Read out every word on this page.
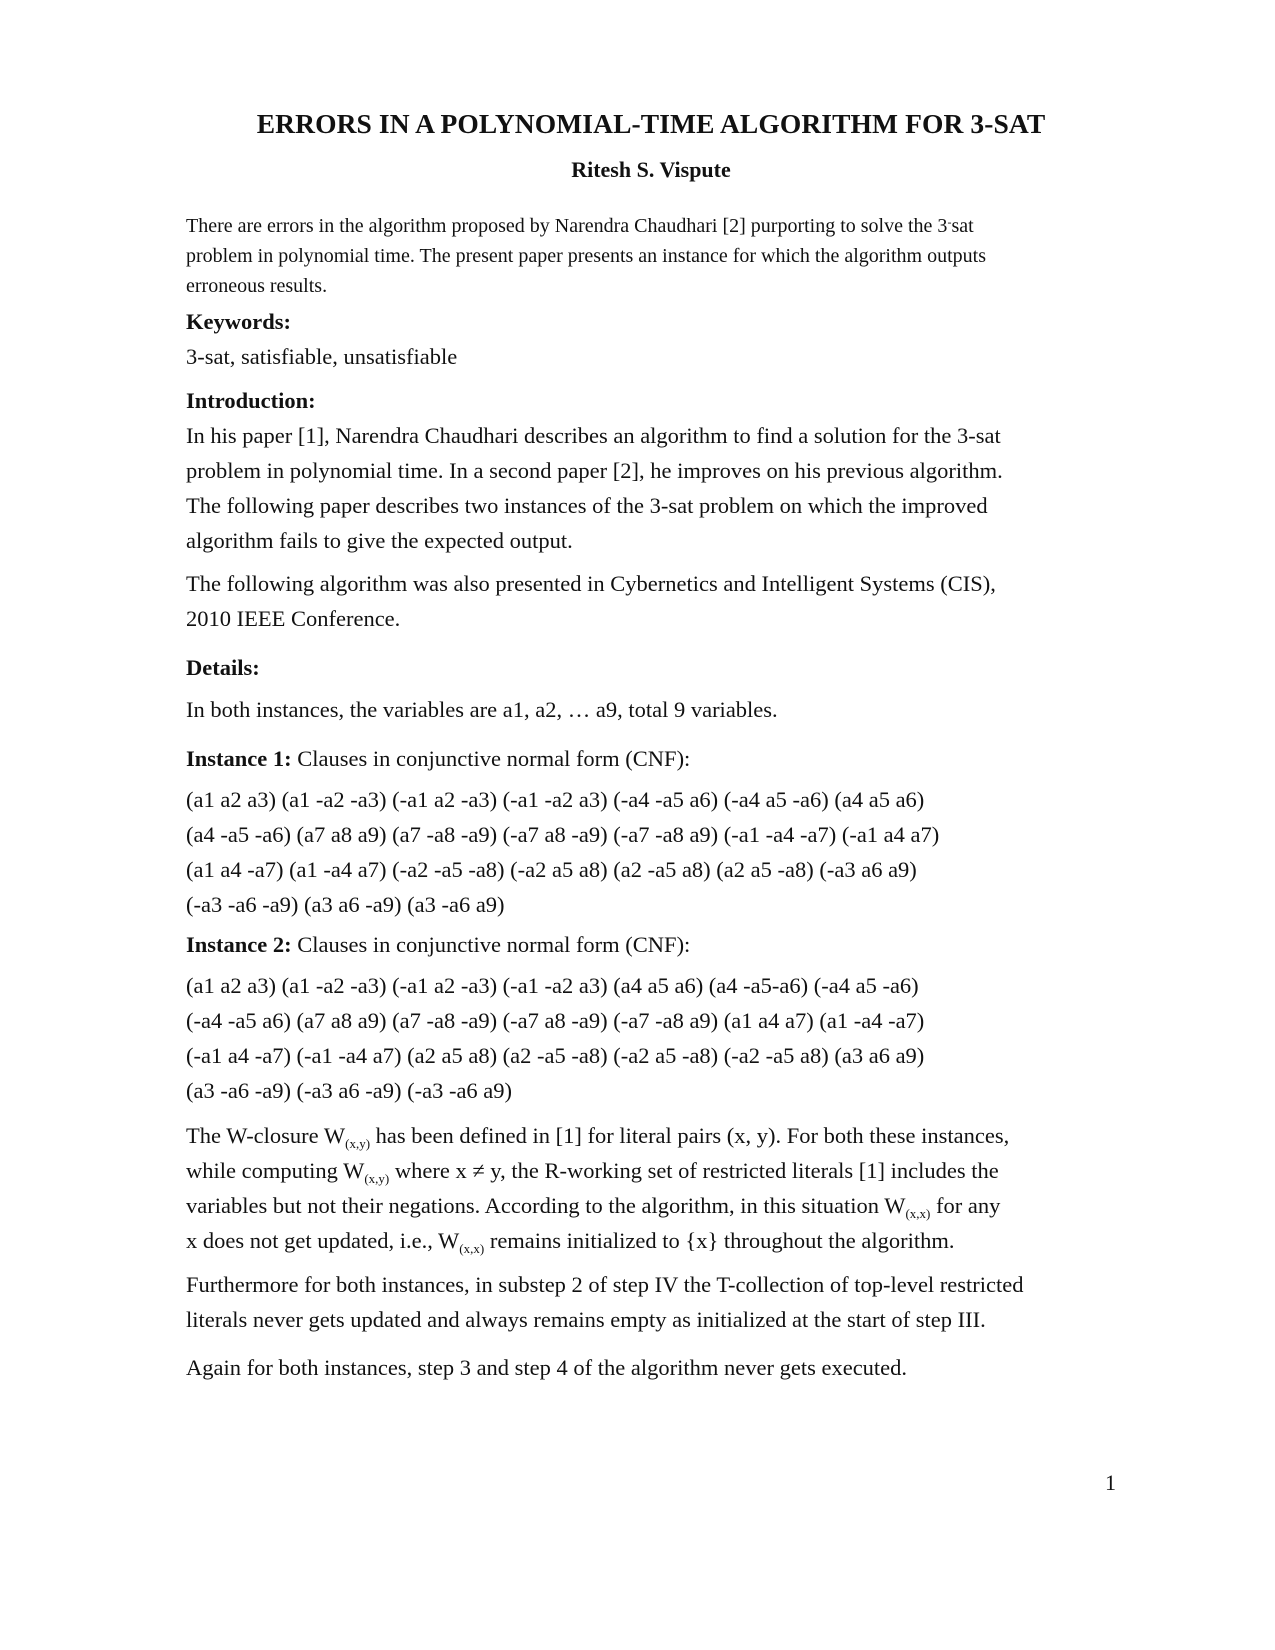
ERRORS IN A POLYNOMIAL-TIME ALGORITHM FOR 3-SAT
Ritesh S. Vispute
There are errors in the algorithm proposed by Narendra Chaudhari [2] purporting to solve the 3-sat
problem in polynomial time. The present paper presents an instance for which the algorithm outputs
erroneous results.
Keywords:
3-sat, satisfiable, unsatisfiable
Introduction:
In his paper [1], Narendra Chaudhari describes an algorithm to find a solution for the 3-sat
problem in polynomial time. In a second paper [2], he improves on his previous algorithm.
The following paper describes two instances of the 3-sat problem on which the improved
algorithm fails to give the expected output.
The following algorithm was also presented in Cybernetics and Intelligent Systems (CIS),
2010 IEEE Conference.
Details:
In both instances, the variables are a1, a2, … a9, total 9 variables.
Instance 1: Clauses in conjunctive normal form (CNF):
(a1 a2 a3) (a1 -a2 -a3) (-a1 a2 -a3) (-a1 -a2 a3) (-a4 -a5 a6) (-a4 a5 -a6) (a4 a5 a6)
(a4 -a5 -a6) (a7 a8 a9) (a7 -a8 -a9) (-a7 a8 -a9) (-a7 -a8 a9) (-a1 -a4 -a7) (-a1 a4 a7)
(a1 a4 -a7) (a1 -a4 a7) (-a2 -a5 -a8) (-a2 a5 a8) (a2 -a5 a8) (a2 a5 -a8) (-a3 a6 a9)
(-a3 -a6 -a9) (a3 a6 -a9) (a3 -a6 a9)
Instance 2: Clauses in conjunctive normal form (CNF):
(a1 a2 a3) (a1 -a2 -a3) (-a1 a2 -a3) (-a1 -a2 a3) (a4 a5 a6) (a4 -a5-a6) (-a4 a5 -a6)
(-a4 -a5 a6) (a7 a8 a9) (a7 -a8 -a9) (-a7 a8 -a9) (-a7 -a8 a9) (a1 a4 a7) (a1 -a4 -a7)
(-a1 a4 -a7) (-a1 -a4 a7) (a2 a5 a8) (a2 -a5 -a8) (-a2 a5 -a8) (-a2 -a5 a8) (a3 a6 a9)
(a3 -a6 -a9) (-a3 a6 -a9) (-a3 -a6 a9)
The W-closure $W_{(x,y)}$ has been defined in [1] for literal pairs (x, y). For both these instances,
while computing $W_{(x,y)}$ where x ≠ y, the R-working set of restricted literals [1] includes the
variables but not their negations. According to the algorithm, in this situation $W_{(x,x)}$ for any
x does not get updated, i.e., $W_{(x,x)}$ remains initialized to {x} throughout the algorithm.
Furthermore for both instances, in substep 2 of step IV the T-collection of top-level restricted
literals never gets updated and always remains empty as initialized at the start of step III.
Again for both instances, step 3 and step 4 of the algorithm never gets executed.
1
